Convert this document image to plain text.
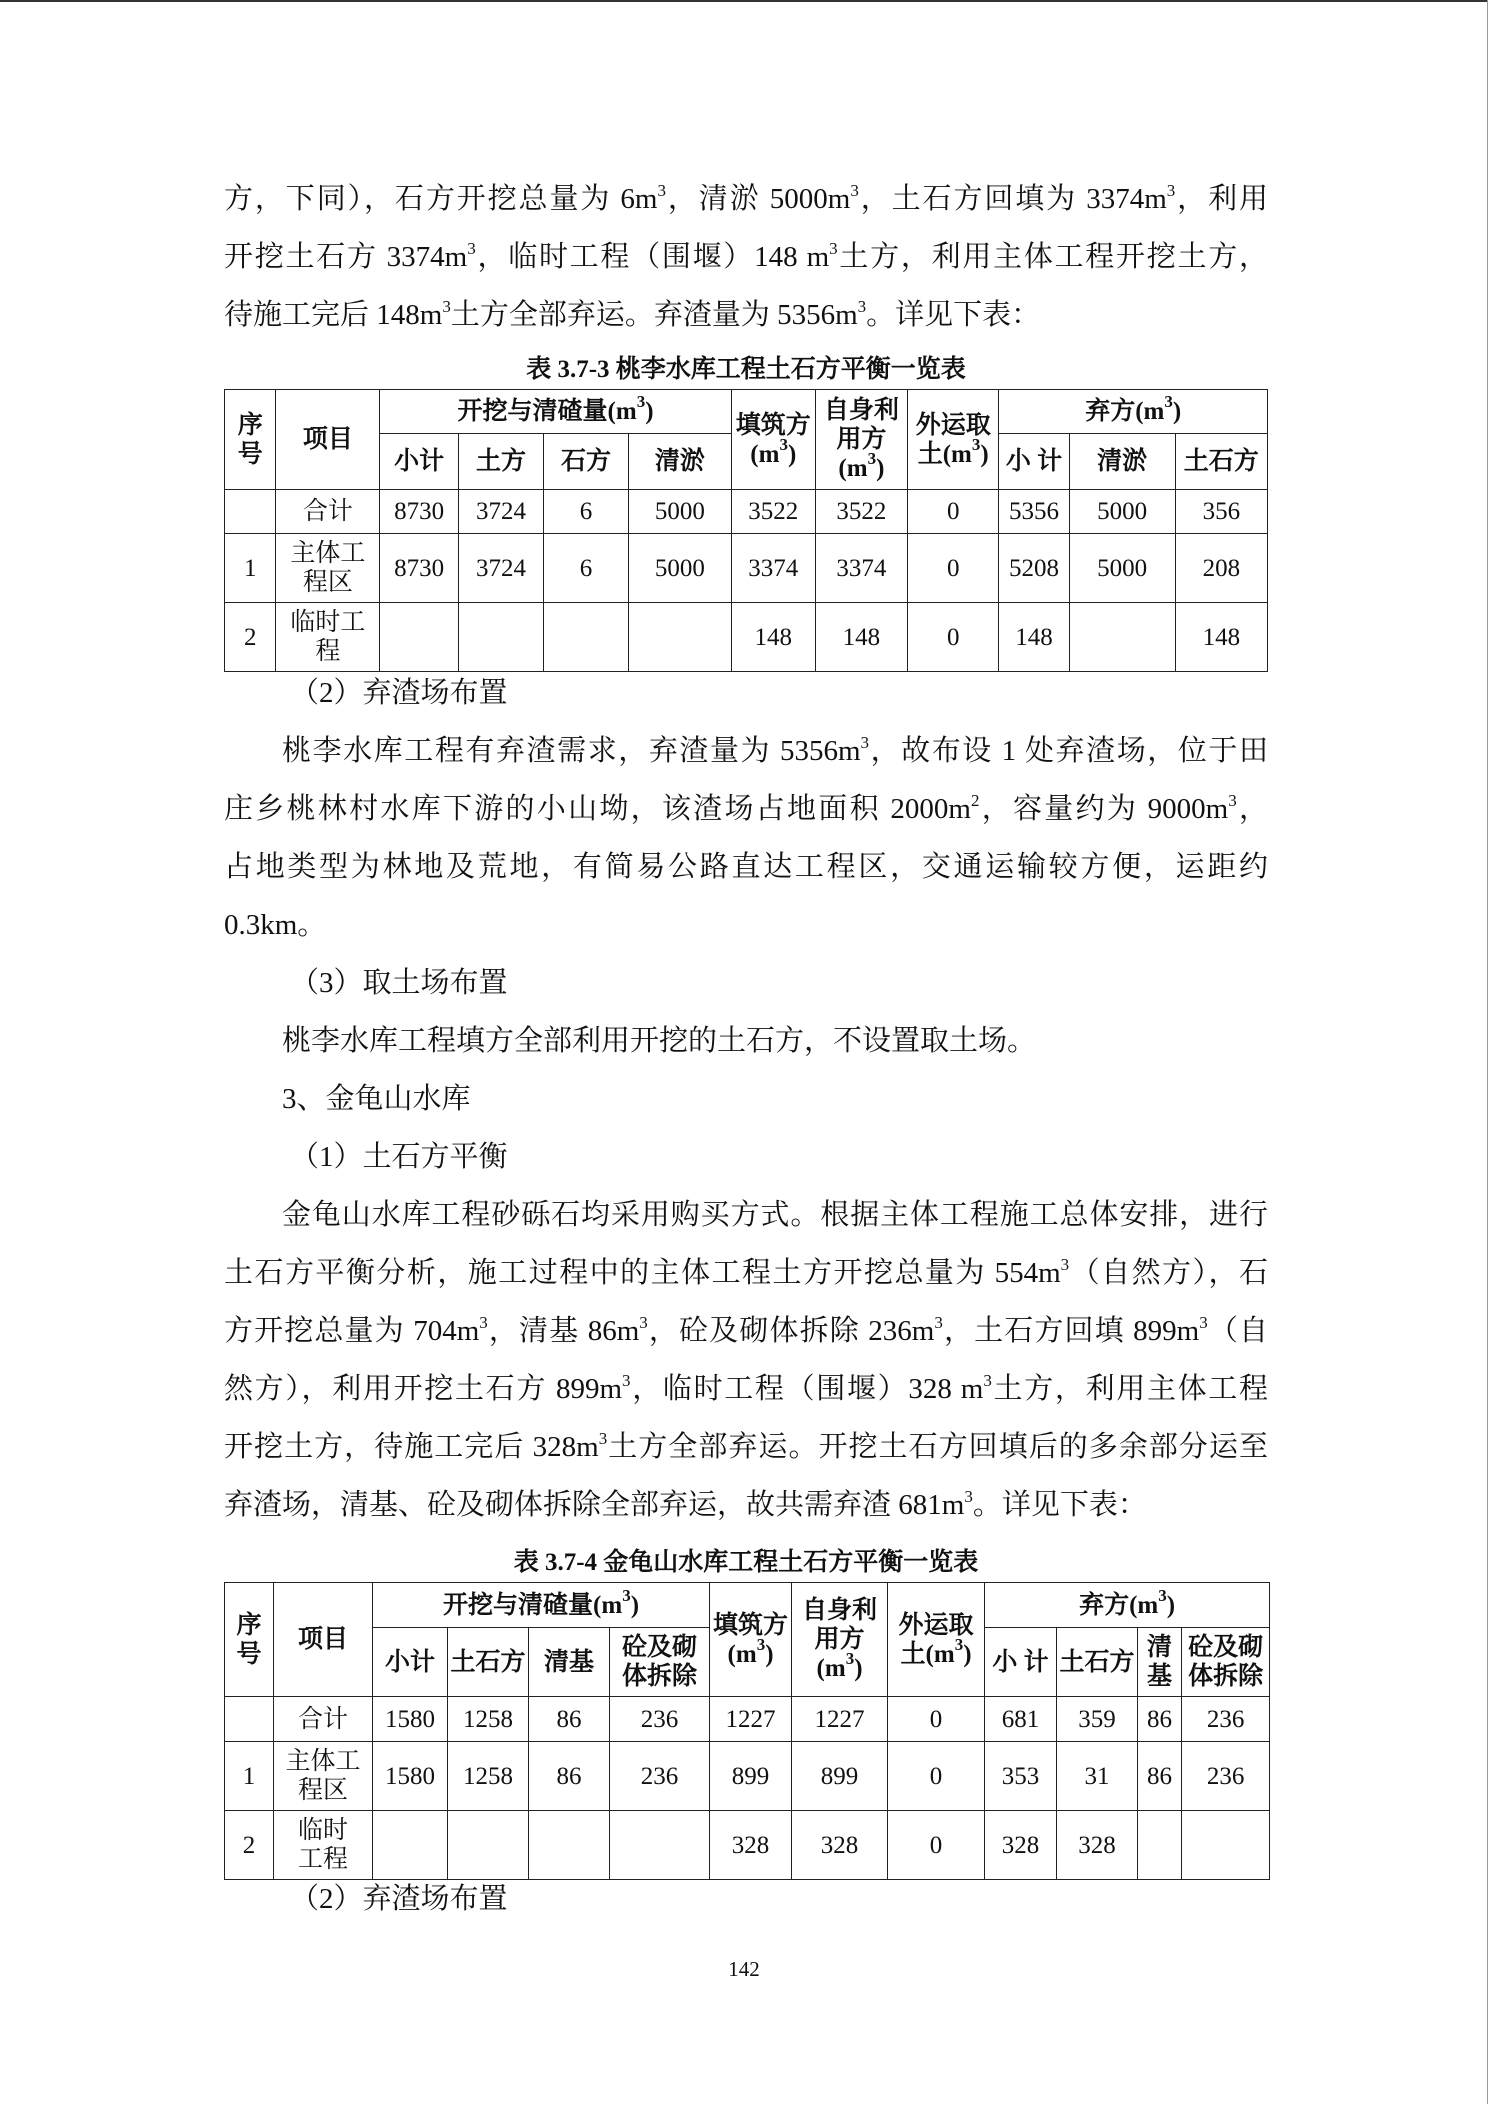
方，下同），石方开挖总量为 $6m^3$，清淤 $5000m^3$，土石方回填为 $3374m^3$，利用
开挖土石方 $3374m^3$，临时工程（围堰）148 $m^3$土方，利用主体工程开挖土方，
待施工完后 $148m^3$土方全部弃运。弃渣量为 $5356m^3$。详见下表：
表 3.7-3 桃李水库工程土石方平衡一览表
序
号	项目	开挖与清碴量$(m^3)$				填筑方
$(m^3)$	自身利
用方
$(m^3)$	外运取
土$(m^3)$	弃方$(m^3)$		
		小计	土方	石方	清淤				小 计	清淤	土石方
	合计	8730	3724	6	5000	3522	3522	0	5356	5000	356
1	主体工
程区	8730	3724	6	5000	3374	3374	0	5208	5000	208
2	临时工
程					148	148	0	148		148
（2）弃渣场布置
桃李水库工程有弃渣需求，弃渣量为 $5356m^3$，故布设 1 处弃渣场，位于田
庄乡桃林村水库下游的小山坳，该渣场占地面积 $2000m^2$，容量约为 $9000m^3$，
占地类型为林地及荒地，有简易公路直达工程区，交通运输较方便，运距约
0.3km。
（3）取土场布置
桃李水库工程填方全部利用开挖的土石方，不设置取土场。
3、金龟山水库
（1）土石方平衡
金龟山水库工程砂砾石均采用购买方式。根据主体工程施工总体安排，进行
土石方平衡分析，施工过程中的主体工程土方开挖总量为 $554m^3$（自然方），石
方开挖总量为 $704m^3$，清基 $86m^3$，砼及砌体拆除 $236m^3$，土石方回填 $899m^3$（自
然方），利用开挖土石方 $899m^3$，临时工程（围堰）328 $m^3$土方，利用主体工程
开挖土方，待施工完后 $328m^3$土方全部弃运。开挖土石方回填后的多余部分运至
弃渣场，清基、砼及砌体拆除全部弃运，故共需弃渣 $681m^3$。详见下表：
表 3.7-4 金龟山水库工程土石方平衡一览表
序
号	项目	开挖与清碴量$(m^3)$				填筑方
$(m^3)$	自身利
用方
$(m^3)$	外运取
土$(m^3)$	弃方$(m^3)$			
		小计	土石方	清基	砼及砌
体拆除				小 计	土石方	清
基	砼及砌
体拆除
	合计	1580	1258	86	236	1227	1227	0	681	359	86	236
1	主体工
程区	1580	1258	86	236	899	899	0	353	31	86	236
2	临时
工程					328	328	0	328	328		
（2）弃渣场布置
142
